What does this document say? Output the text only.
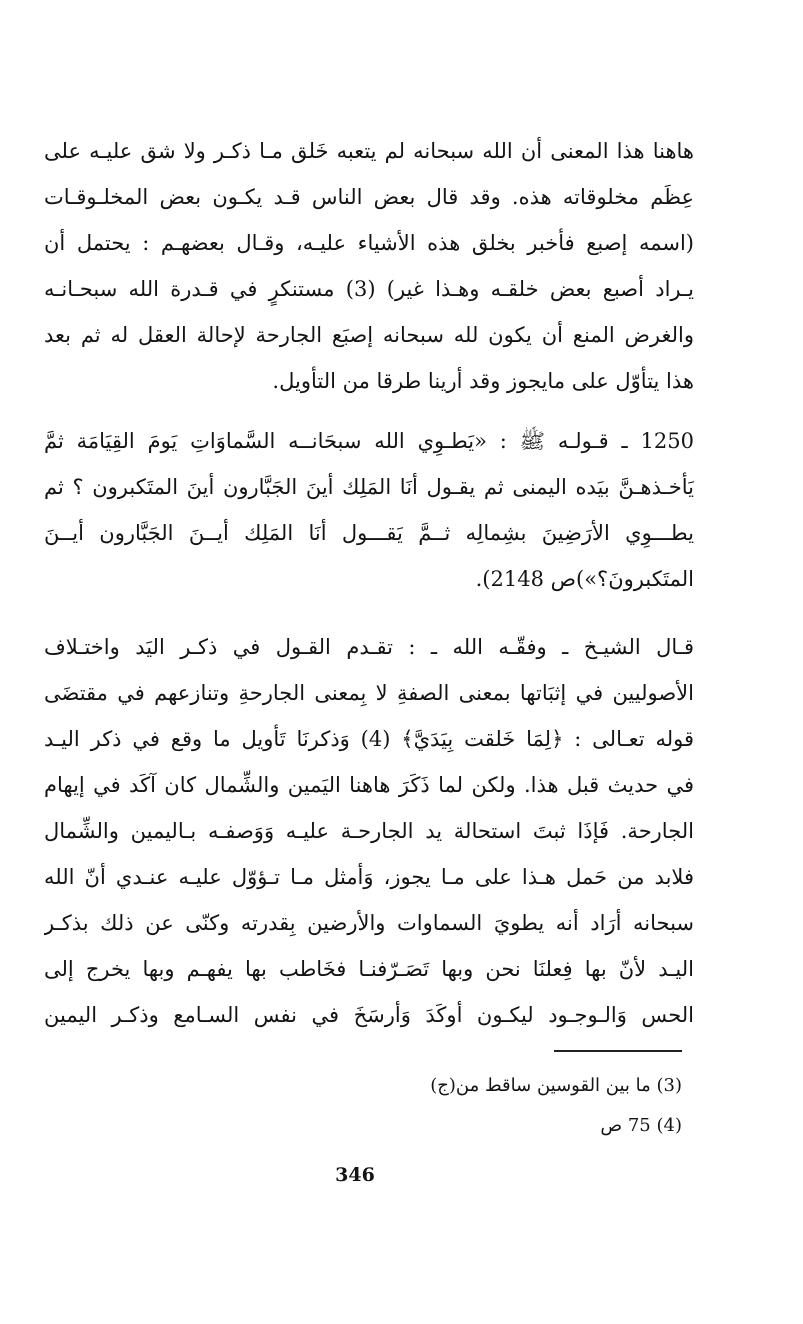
هاهنا هذا المعنى أن الله سبحانه لم يتعبه خَلق مـا ذكـر ولا شق عليـه على
عِظَم مخلوقاته هذه. وقد قال بعض الناس قـد يكـون بعض المخلـوقـات
(اسمه إصبع فأخبر بخلق هذه الأشياء عليـه، وقـال بعضهـم : يحتمل أن
يـراد أصبع بعض خلقـه وهـذا غير) (3) مستنكرٍ في قـدرة الله سبحـانـه
والغرض المنع أن يكون لله سبحانه إصبَع الجارحة لإحالة العقل له ثم بعد
هذا يتأوّل على مايجوز وقد أرينا طرقا من التأويل.
1250 ـ قـولـه ﷺ : «يَطـوِي الله سبحَانــه السَّماوَاتِ يَومَ القِيَامَة ثمَّ
يَأخـذهـنَّ بيَده اليمنى ثم يقـول أنَا المَلِك أينَ الجَبَّارون أينَ المتَكبرون ؟ ثم
يطـــوِي الأرَضِينَ بشِمالِه ثــمَّ يَقـــول أنَا المَلِك أيــنَ الجَبَّارون أيــنَ
المتَكبرونَ؟»)ص 2148).
قـال الشيـخ ـ وفقّـه الله ـ : تقـدم القـول في ذكـر اليَد واختـلاف
الأصوليين في إثبَاتها بمعنى الصفةِ لا بِمعنى الجارحةِ وتنازعهم في مقتضَى
قوله تعـالى : ﴿لِمَا خَلقت بِيَدَيَّ﴾ (4) وَذكرنَا تَأويل ما وقع في ذكر اليـد
في حديث قبل هذا. ولكن لما ذَكَرَ هاهنا اليَمين والشِّمال كان آكَد في إيهام
الجارحة. فَإذَا ثبتَ استحالة يد الجارحـة عليـه وَوَصفـه بـاليمين والشِّمال
فلابد من حَمل هـذا على مـا يجوز، وَأمثل مـا تـؤوّل عليـه عنـدي أنّ الله
سبحانه أرَاد أنه يطويَ السماوات والأرضين بِقدرته وكنّى عن ذلك بذكـر
اليـد لأنّ بها فِعلنَا نحن وبها تَصَـرّفنـا فخَاطب بها يفهـم وبها يخرج إلى
الحس وَالـوجـود ليكـون أوكَدَ وَأرسَخَ في نفس السـامع وذكـر اليمين
(3) ما بين القوسين ساقط من(ج)
(4) 75 ص
346
